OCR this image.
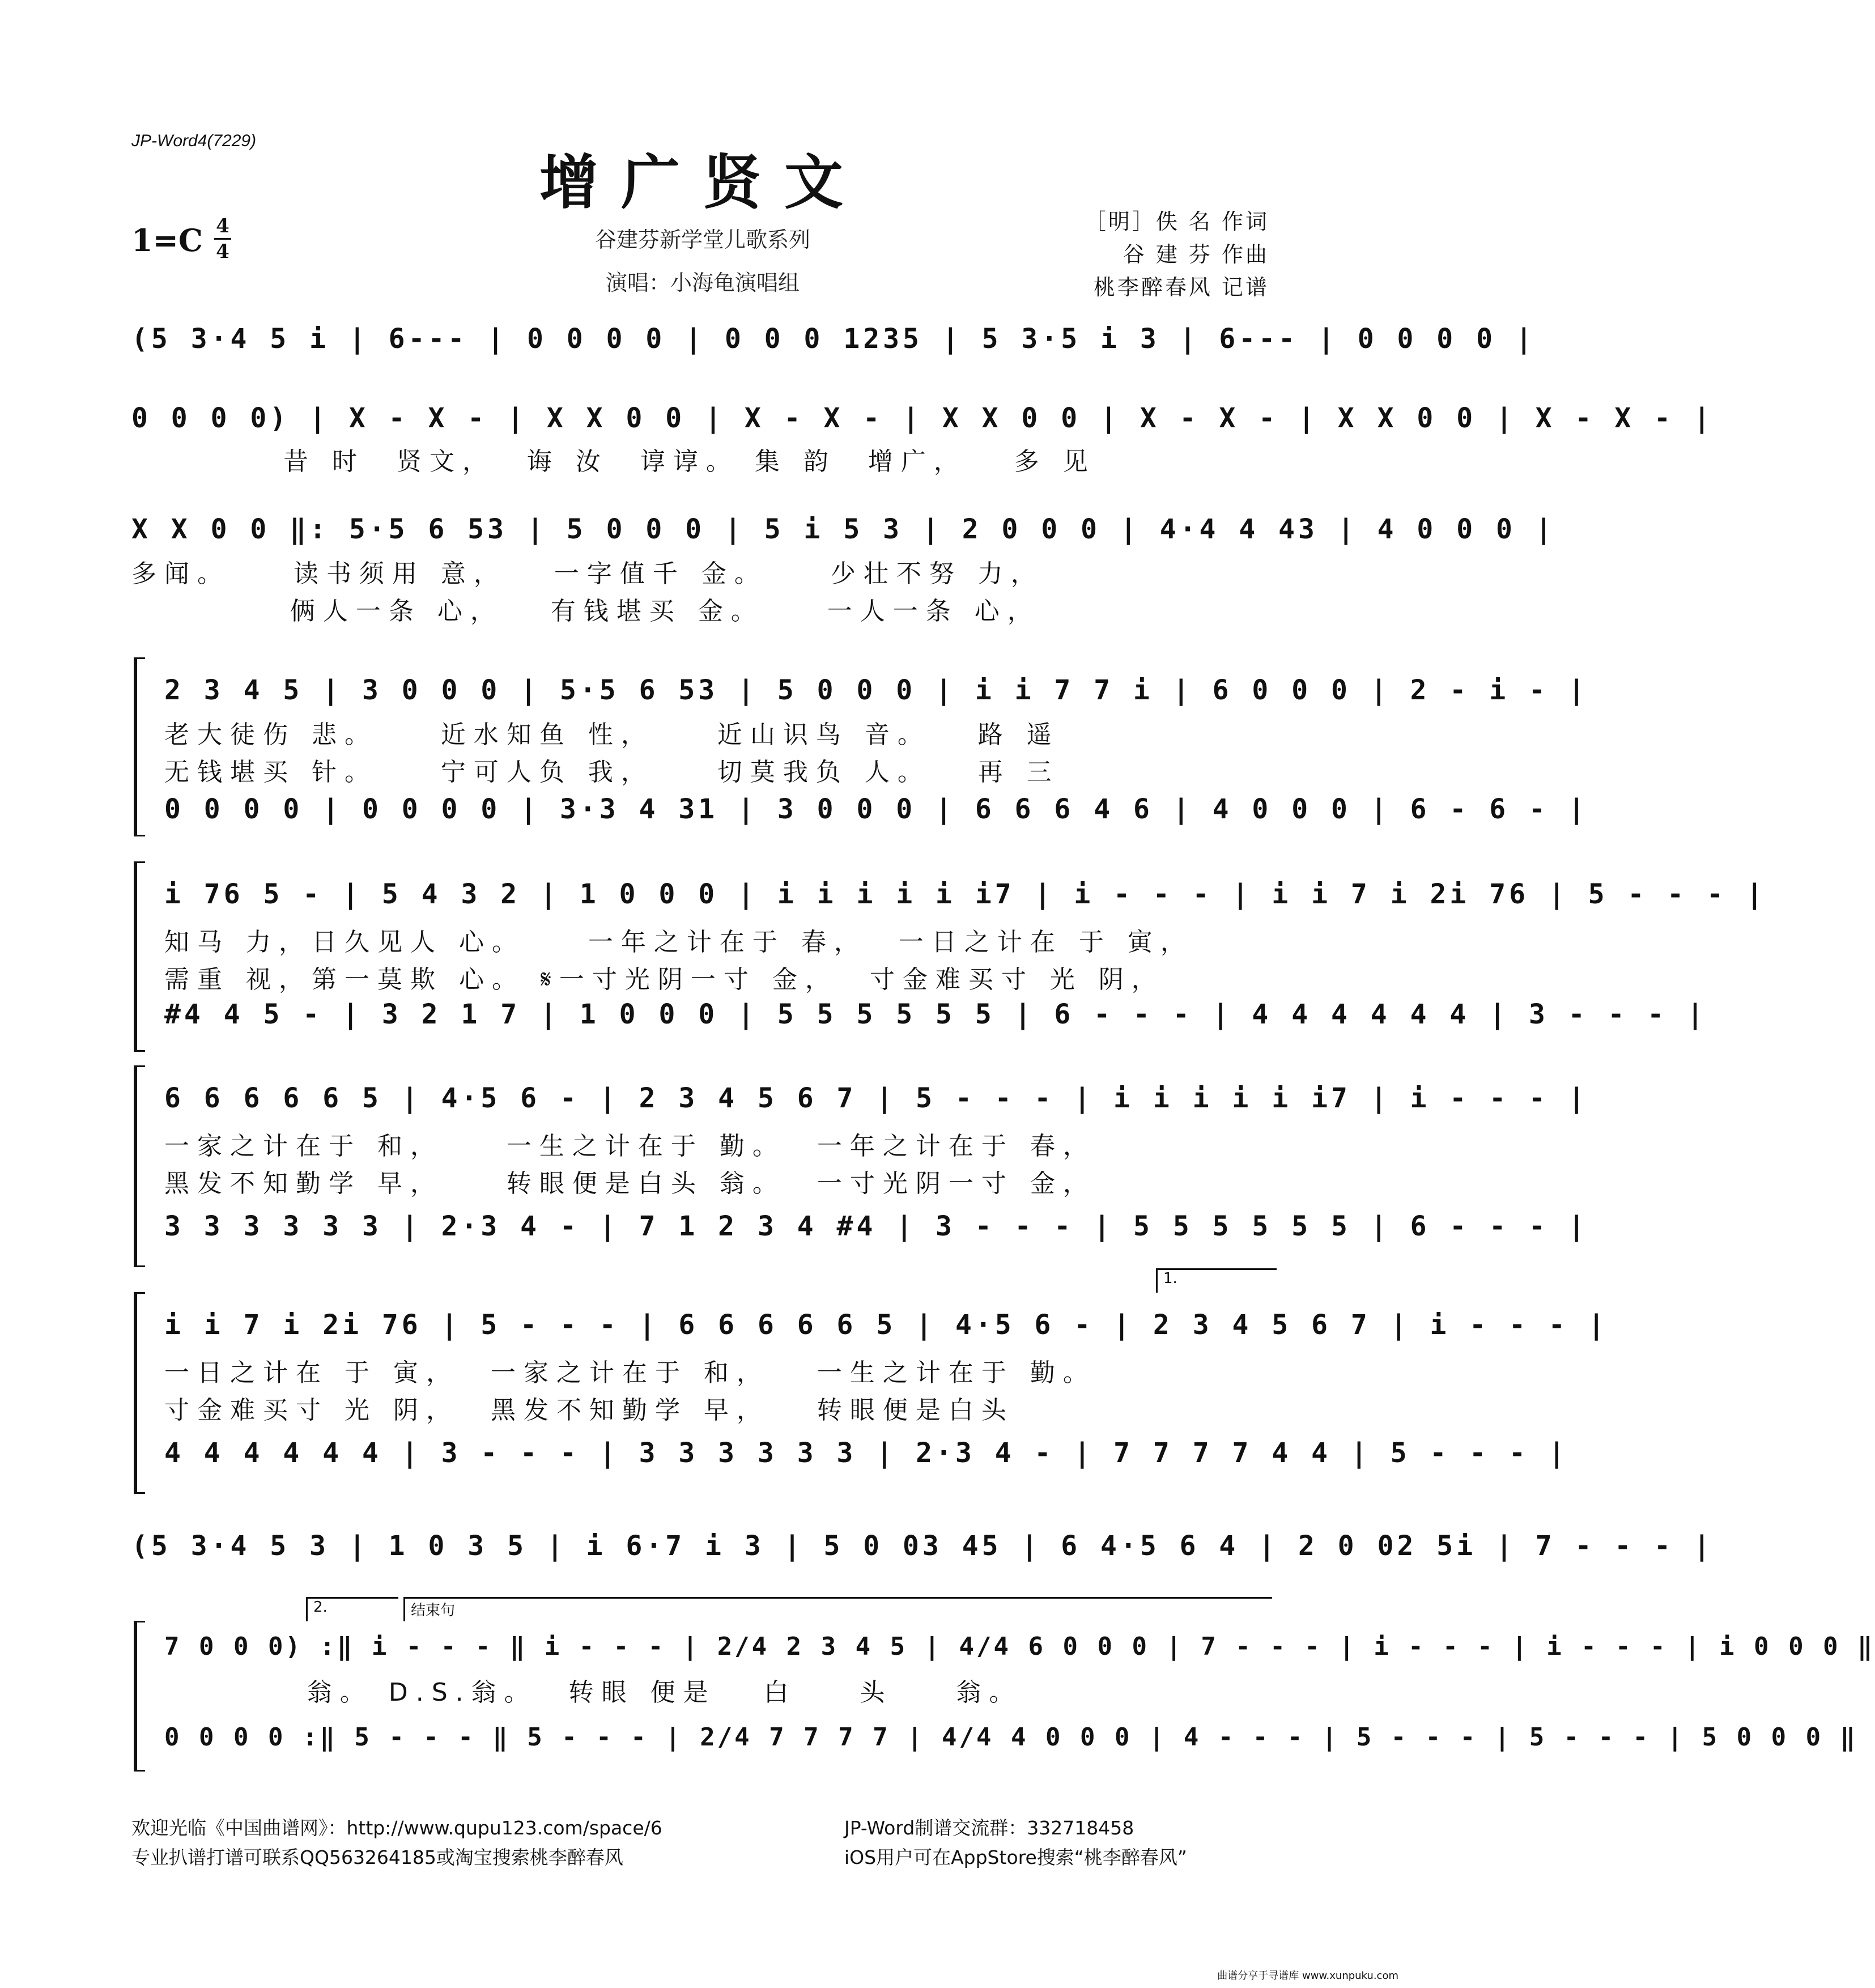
JP-Word4(7229)
增广贤文
1=C 4
4	谷建芬新学堂儿歌系列
演唱：小海龟演唱组
［明］佚 名 作词
谷 建 芬 作曲
桃李醉春风 记谱
(5 3·4 5 i | 6--- | 0 0 0 0 | 0 0 0 1235 | 5 3·5 i 3 | 6--- | 0 0 0 0 |
0 0 0 0) | X - X - | X X 0 0 | X - X - | X X 0 0 | X - X - | X X 0 0 | X - X - |
昔 时  贤文，  诲 汝  谆谆。 集 韵  增广，   多 见
X X 0 0 ‖: 5·5 6 53 | 5 0 0 0 | 5 i 5 3 | 2 0 0 0 | 4·4 4 43 | 4 0 0 0 |
多闻。    读书须用 意，   一字值千 金。    少壮不努 力，
俩人一条 心，   有钱堪买 金。    一人一条 心，
2 3 4 5 | 3 0 0 0 | 5·5 6 53 | 5 0 0 0 | i i 7 7 i | 6 0 0 0 | 2 - i - |
老大徒伤 悲。    近水知鱼 性，    近山识鸟 音。   路 遥
无钱堪买 针。    宁可人负 我，    切莫我负 人。   再 三
0 0 0 0 | 0 0 0 0 | 3·3 4 31 | 3 0 0 0 | 6 6 6 4 6 | 4 0 0 0 | 6 - 6 - |
i 76 5 - | 5 4 3 2 | 1 0 0 0 | i i i i i i7 | i - - - | i i 7 i 2i 76 | 5 - - - |
知马 力，日久见人 心。    一年之计在于 春，  一日之计在 于 寅，
需重 视，第一莫欺 心。 𝄋一寸光阴一寸 金，  寸金难买寸 光 阴，
#4 4 5 - | 3 2 1 7 | 1 0 0 0 | 5 5 5 5 5 5 | 6 - - - | 4 4 4 4 4 4 | 3 - - - |
6 6 6 6 6 5 | 4·5 6 - | 2 3 4 5 6 7 | 5 - - - | i i i i i i7 | i - - - |
一家之计在于 和，    一生之计在于 勤。  一年之计在于 春，
黑发不知勤学 早，    转眼便是白头 翁。  一寸光阴一寸 金，
3 3 3 3 3 3 | 2·3 4 - | 7 1 2 3 4 #4 | 3 - - - | 5 5 5 5 5 5 | 6 - - - |
1.
i i 7 i 2i 76 | 5 - - - | 6 6 6 6 6 5 | 4·5 6 - | 2 3 4 5 6 7 | i - - - |
一日之计在 于 寅，  一家之计在于 和，   一生之计在于 勤。
寸金难买寸 光 阴，  黑发不知勤学 早，   转眼便是白头
4 4 4 4 4 4 | 3 - - - | 3 3 3 3 3 3 | 2·3 4 - | 7 7 7 7 4 4 | 5 - - - |
(5 3·4 5 3 | 1 0 3 5 | i 6·7 i 3 | 5 0 03 45 | 6 4·5 6 4 | 2 0 02 5i | 7 - - - |
2.	结束句
7 0 0 0) :‖ i - - - ‖ i - - - | 2/4 2 3 4 5 | 4/4 6 0 0 0 | 7 - - - | i - - - | i - - - | i 0 0 0 ‖
翁。 D.S.翁。  转眼 便是   白    头    翁。
0 0 0 0 :‖ 5 - - - ‖ 5 - - - | 2/4 7 7 7 7 | 4/4 4 0 0 0 | 4 - - - | 5 - - - | 5 - - - | 5 0 0 0 ‖
欢迎光临《中国曲谱网》：http://www.qupu123.com/space/6
专业扒谱打谱可联系QQ563264185或淘宝搜索桃李醉春风
JP-Word制谱交流群：332718458
iOS用户可在AppStore搜索“桃李醉春风”
曲谱分享于寻谱库 www.xunpuku.com
